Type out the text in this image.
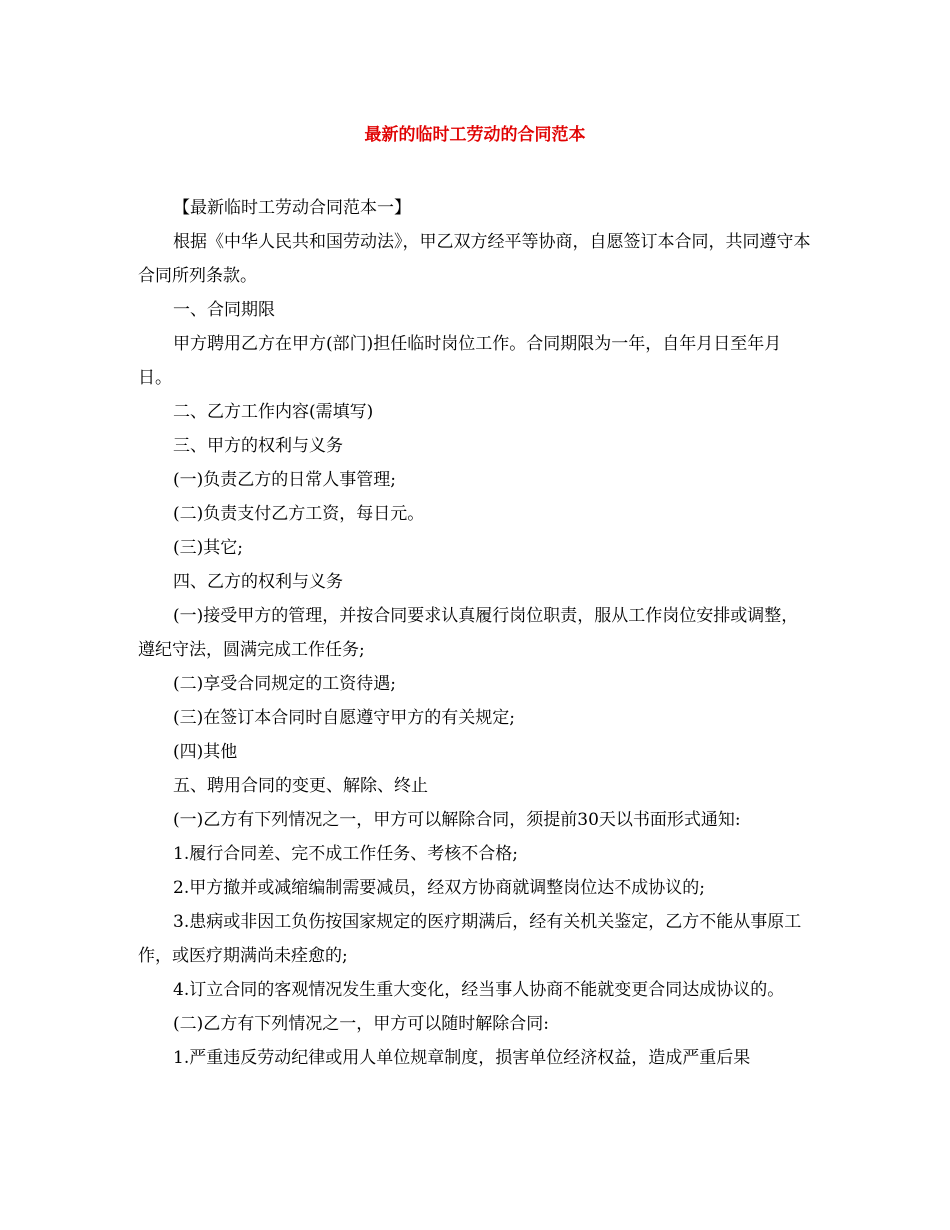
最新的临时工劳动的合同范本

【最新临时工劳动合同范本一】

根据《中华人民共和国劳动法》，甲乙双方经平等协商，自愿签订本合同，共同遵守本合同所列条款。

一、合同期限

甲方聘用乙方在甲方(部门)担任临时岗位工作。合同期限为一年，自年月日至年月日。

二、乙方工作内容(需填写)

三、甲方的权利与义务

(一)负责乙方的日常人事管理;

(二)负责支付乙方工资，每日元。

(三)其它;

四、乙方的权利与义务

(一)接受甲方的管理，并按合同要求认真履行岗位职责，服从工作岗位安排或调整，遵纪守法，圆满完成工作任务;

(二)享受合同规定的工资待遇;

(三)在签订本合同时自愿遵守甲方的有关规定;

(四)其他

五、聘用合同的变更、解除、终止

(一)乙方有下列情况之一，甲方可以解除合同，须提前30天以书面形式通知:

1.履行合同差、完不成工作任务、考核不合格;

2.甲方撤并或减缩编制需要减员，经双方协商就调整岗位达不成协议的;

3.患病或非因工负伤按国家规定的医疗期满后，经有关机关鉴定，乙方不能从事原工作，或医疗期满尚未痊愈的;

4.订立合同的客观情况发生重大变化，经当事人协商不能就变更合同达成协议的。

(二)乙方有下列情况之一，甲方可以随时解除合同:

1.严重违反劳动纪律或用人单位规章制度，损害单位经济权益，造成严重后果
